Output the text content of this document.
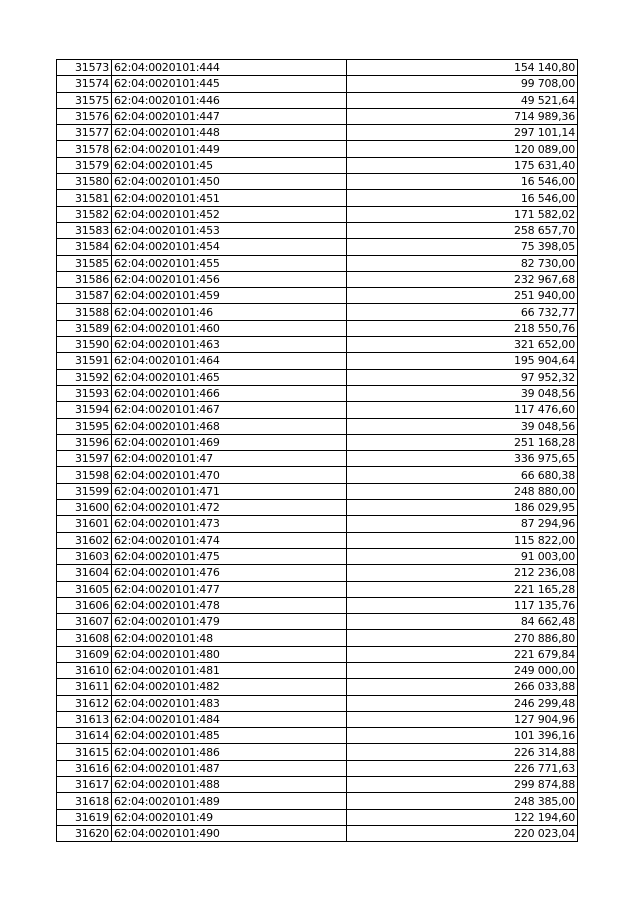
31573	62:04:0020101:444	154 140,80
31574	62:04:0020101:445	99 708,00
31575	62:04:0020101:446	49 521,64
31576	62:04:0020101:447	714 989,36
31577	62:04:0020101:448	297 101,14
31578	62:04:0020101:449	120 089,00
31579	62:04:0020101:45	175 631,40
31580	62:04:0020101:450	16 546,00
31581	62:04:0020101:451	16 546,00
31582	62:04:0020101:452	171 582,02
31583	62:04:0020101:453	258 657,70
31584	62:04:0020101:454	75 398,05
31585	62:04:0020101:455	82 730,00
31586	62:04:0020101:456	232 967,68
31587	62:04:0020101:459	251 940,00
31588	62:04:0020101:46	66 732,77
31589	62:04:0020101:460	218 550,76
31590	62:04:0020101:463	321 652,00
31591	62:04:0020101:464	195 904,64
31592	62:04:0020101:465	97 952,32
31593	62:04:0020101:466	39 048,56
31594	62:04:0020101:467	117 476,60
31595	62:04:0020101:468	39 048,56
31596	62:04:0020101:469	251 168,28
31597	62:04:0020101:47	336 975,65
31598	62:04:0020101:470	66 680,38
31599	62:04:0020101:471	248 880,00
31600	62:04:0020101:472	186 029,95
31601	62:04:0020101:473	87 294,96
31602	62:04:0020101:474	115 822,00
31603	62:04:0020101:475	91 003,00
31604	62:04:0020101:476	212 236,08
31605	62:04:0020101:477	221 165,28
31606	62:04:0020101:478	117 135,76
31607	62:04:0020101:479	84 662,48
31608	62:04:0020101:48	270 886,80
31609	62:04:0020101:480	221 679,84
31610	62:04:0020101:481	249 000,00
31611	62:04:0020101:482	266 033,88
31612	62:04:0020101:483	246 299,48
31613	62:04:0020101:484	127 904,96
31614	62:04:0020101:485	101 396,16
31615	62:04:0020101:486	226 314,88
31616	62:04:0020101:487	226 771,63
31617	62:04:0020101:488	299 874,88
31618	62:04:0020101:489	248 385,00
31619	62:04:0020101:49	122 194,60
31620	62:04:0020101:490	220 023,04
